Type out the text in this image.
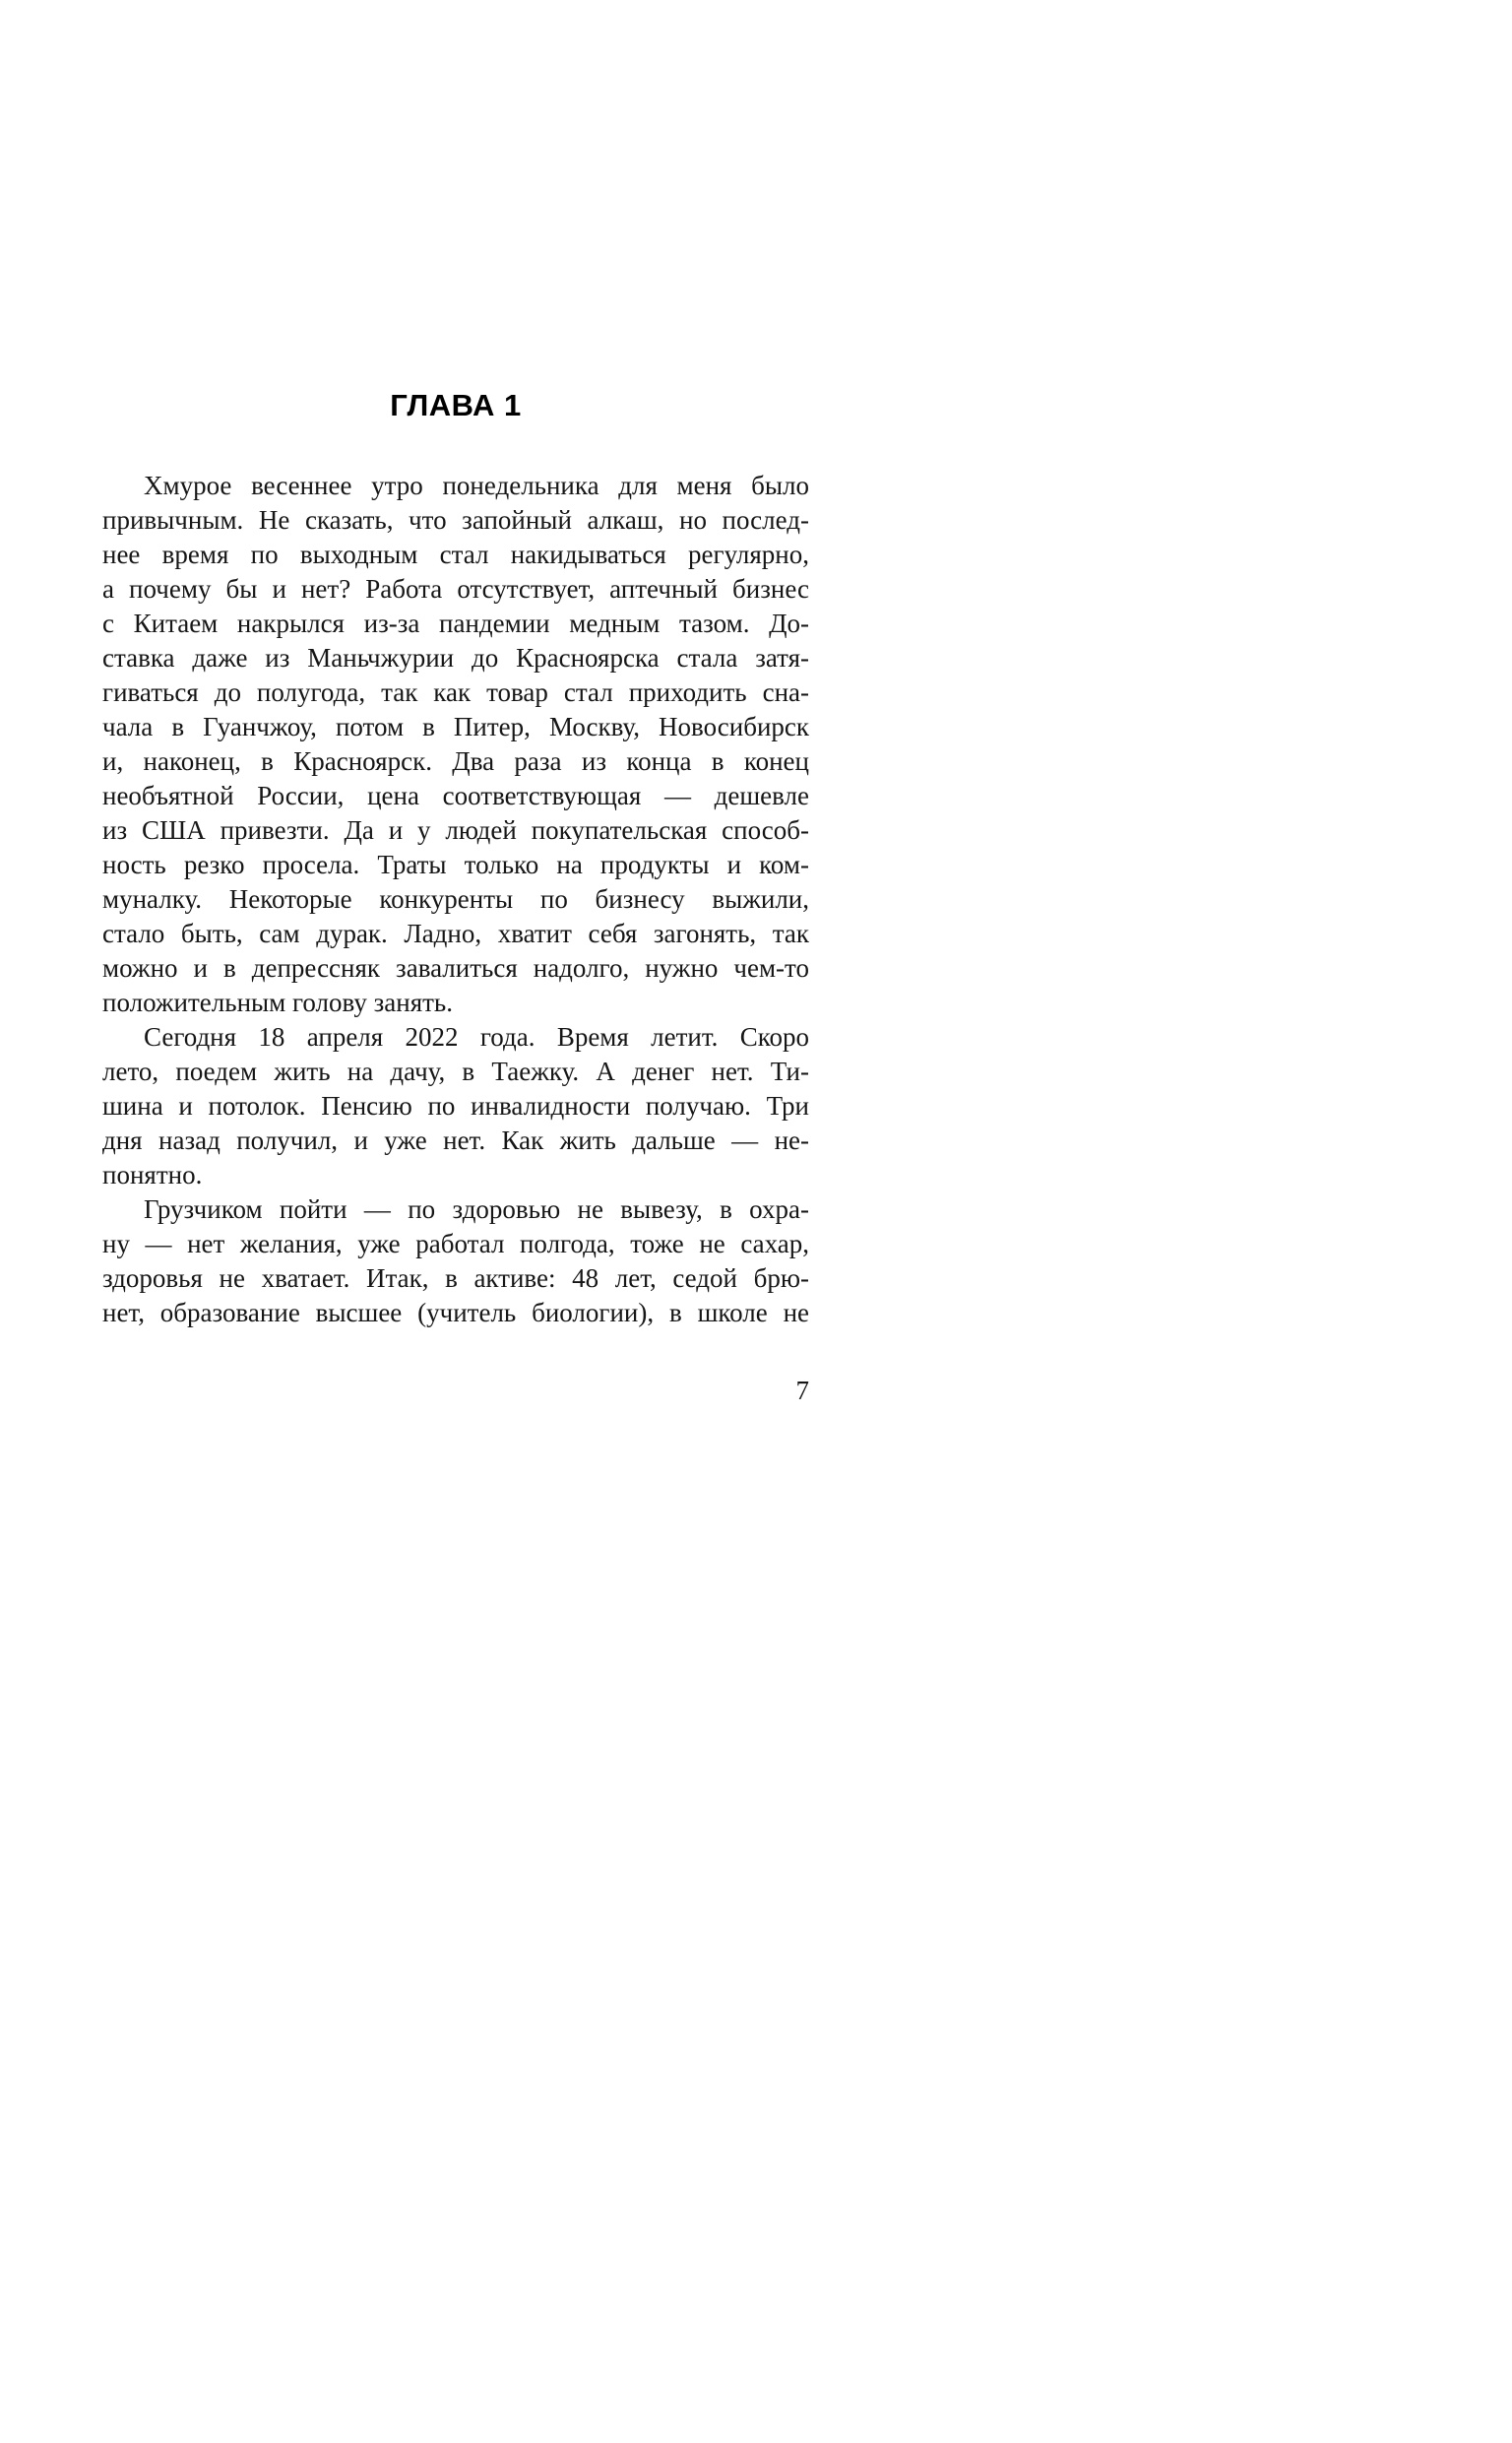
ГЛАВА 1
Хмурое весеннее утро понедельника для меня было
привычным. Не сказать, что запойный алкаш, но послед-
нее время по выходным стал накидываться регулярно,
а почему бы и нет? Работа отсутствует, аптечный бизнес
с Китаем накрылся из-за пандемии медным тазом. До-
ставка даже из Маньчжурии до Красноярска стала затя-
гиваться до полугода, так как товар стал приходить сна-
чала в Гуанчжоу, потом в Питер, Москву, Новосибирск
и, наконец, в Красноярск. Два раза из конца в конец
необъятной России, цена соответствующая — дешевле
из США привезти. Да и у людей покупательская способ-
ность резко просела. Траты только на продукты и ком-
муналку. Некоторые конкуренты по бизнесу выжили,
стало быть, сам дурак. Ладно, хватит себя загонять, так
можно и в депрессняк завалиться надолго, нужно чем-то
положительным голову занять.
Сегодня 18 апреля 2022 года. Время летит. Скоро
лето, поедем жить на дачу, в Таежку. А денег нет. Ти-
шина и потолок. Пенсию по инвалидности получаю. Три
дня назад получил, и уже нет. Как жить дальше — не-
понятно.
Грузчиком пойти — по здоровью не вывезу, в охра-
ну — нет желания, уже работал полгода, тоже не сахар,
здоровья не хватает. Итак, в активе: 48 лет, седой брю-
нет, образование высшее (учитель биологии), в школе не
7
